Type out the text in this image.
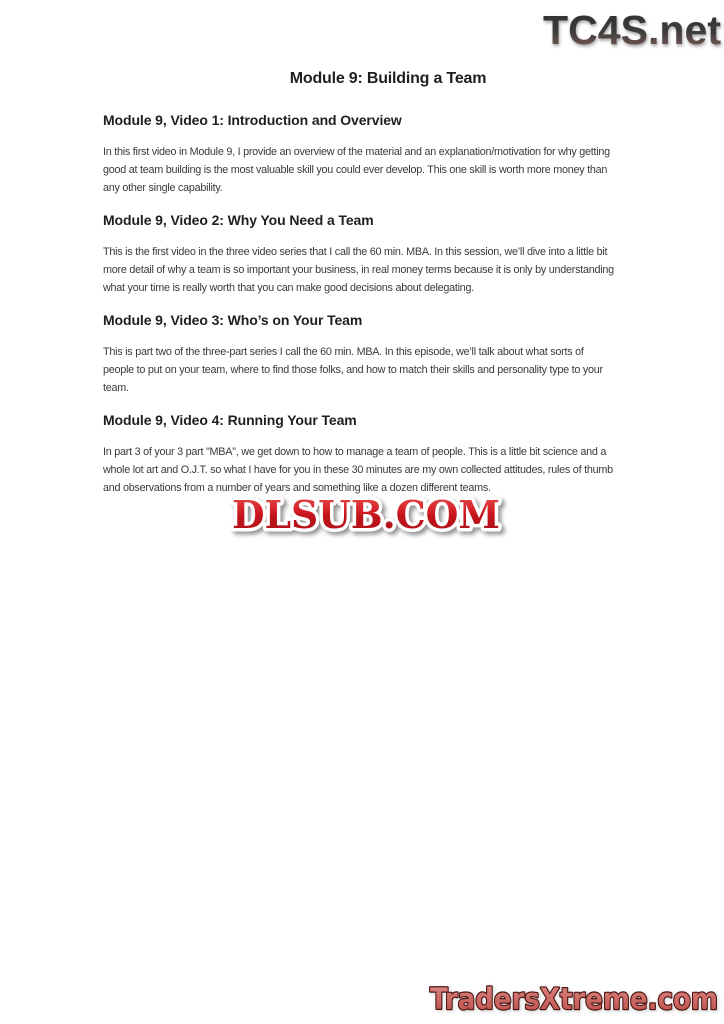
TC4S.net
Module 9: Building a Team
Module 9, Video 1: Introduction and Overview

In this first video in Module 9, I provide an overview of the material and an explanation/motivation for why getting

good at team building is the most valuable skill you could ever develop. This one skill is worth more money than

any other single capability.

Module 9, Video 2: Why You Need a Team

This is the first video in the three video series that I call the 60 min. MBA. In this session, we’ll dive into a little bit

more detail of why a team is so important your business, in real money terms because it is only by understanding

what your time is really worth that you can make good decisions about delegating.

Module 9, Video 3: Who’s on Your Team

This is part two of the three-part series I call the 60 min. MBA. In this episode, we’ll talk about what sorts of

people to put on your team, where to find those folks, and how to match their skills and personality type to your

team.

Module 9, Video 4: Running Your Team

In part 3 of your 3 part "MBA", we get down to how to manage a team of people. This is a little bit science and a

whole lot art and O.J.T. so what I have for you in these 30 minutes are my own collected attitudes, rules of thumb

and observations from a number of years and something like a dozen different teams.

DLSUB.COM
TradersXtreme.com
